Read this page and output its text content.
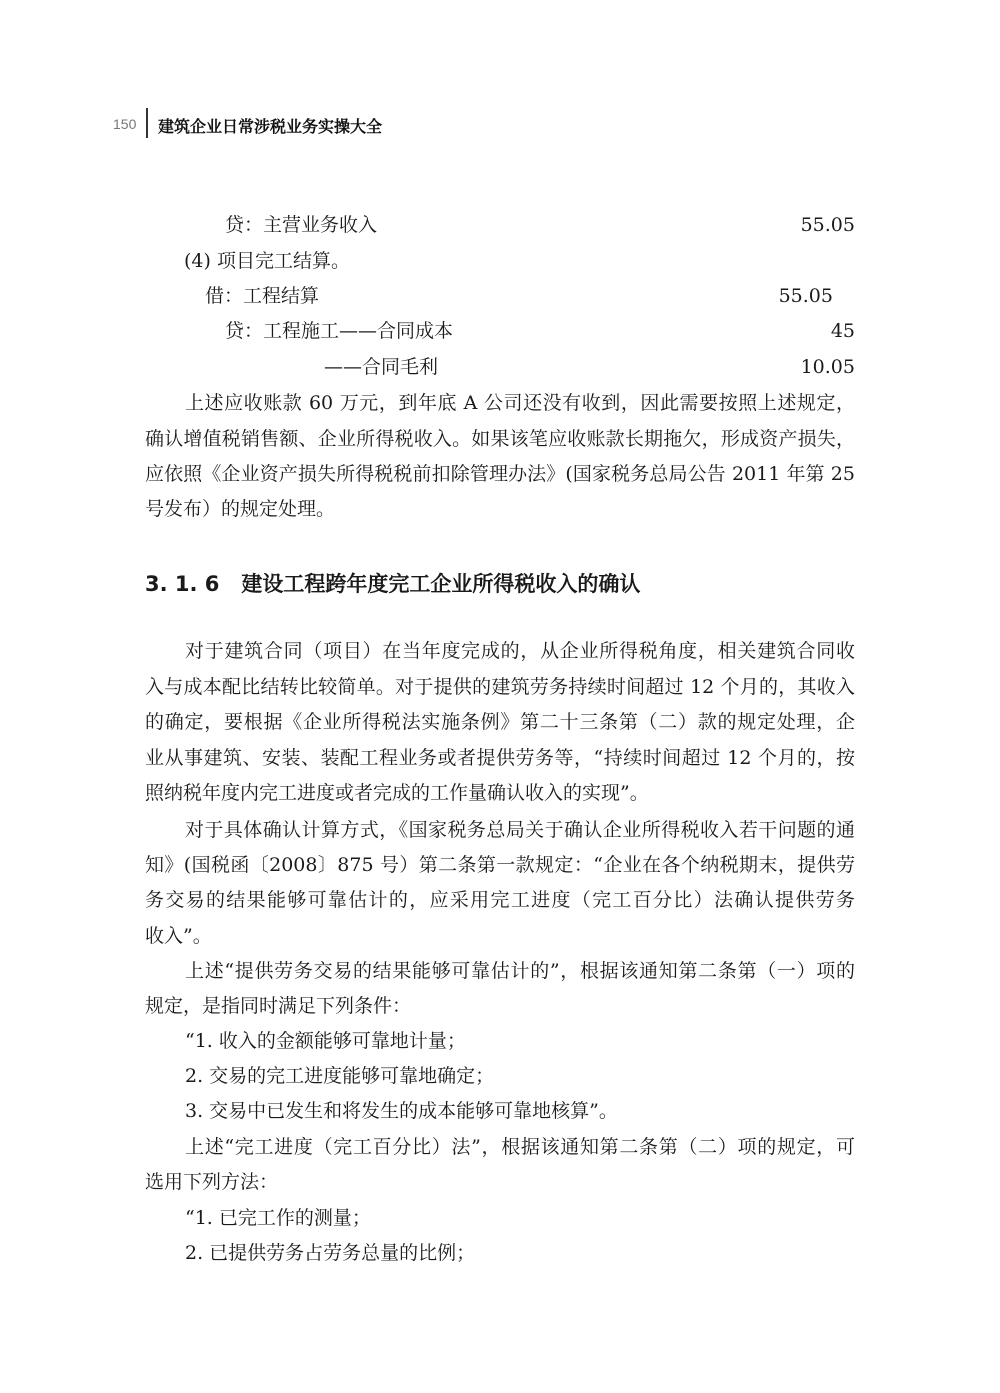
150 建筑企业日常涉税业务实操大全
贷：主营业务收入	55.05
(4) 项目完工结算。
借：工程结算	55.05
贷：工程施工——合同成本	45
——合同毛利	10.05
上述应收账款 60 万元，到年底 A 公司还没有收到，因此需要按照上述规定，
确认增值税销售额、企业所得税收入。如果该笔应收账款长期拖欠，形成资产损失，
应依照《企业资产损失所得税税前扣除管理办法》(国家税务总局公告 2011 年第 25
号发布）的规定处理。
3. 1. 6 建设工程跨年度完工企业所得税收入的确认
对于建筑合同（项目）在当年度完成的，从企业所得税角度，相关建筑合同收
入与成本配比结转比较简单。对于提供的建筑劳务持续时间超过 12 个月的，其收入
的确定，要根据《企业所得税法实施条例》第二十三条第（二）款的规定处理，企
业从事建筑、安装、装配工程业务或者提供劳务等，“持续时间超过 12 个月的，按
照纳税年度内完工进度或者完成的工作量确认收入的实现”。
对于具体确认计算方式，《国家税务总局关于确认企业所得税收入若干问题的通
知》(国税函〔2008〕875 号）第二条第一款规定：“企业在各个纳税期末，提供劳
务交易的结果能够可靠估计的，应采用完工进度（完工百分比）法确认提供劳务
收入”。
上述“提供劳务交易的结果能够可靠估计的”，根据该通知第二条第（一）项的
规定，是指同时满足下列条件：
“1. 收入的金额能够可靠地计量；
2. 交易的完工进度能够可靠地确定；
3. 交易中已发生和将发生的成本能够可靠地核算”。
上述“完工进度（完工百分比）法”，根据该通知第二条第（二）项的规定，可
选用下列方法：
“1. 已完工作的测量；
2. 已提供劳务占劳务总量的比例；
